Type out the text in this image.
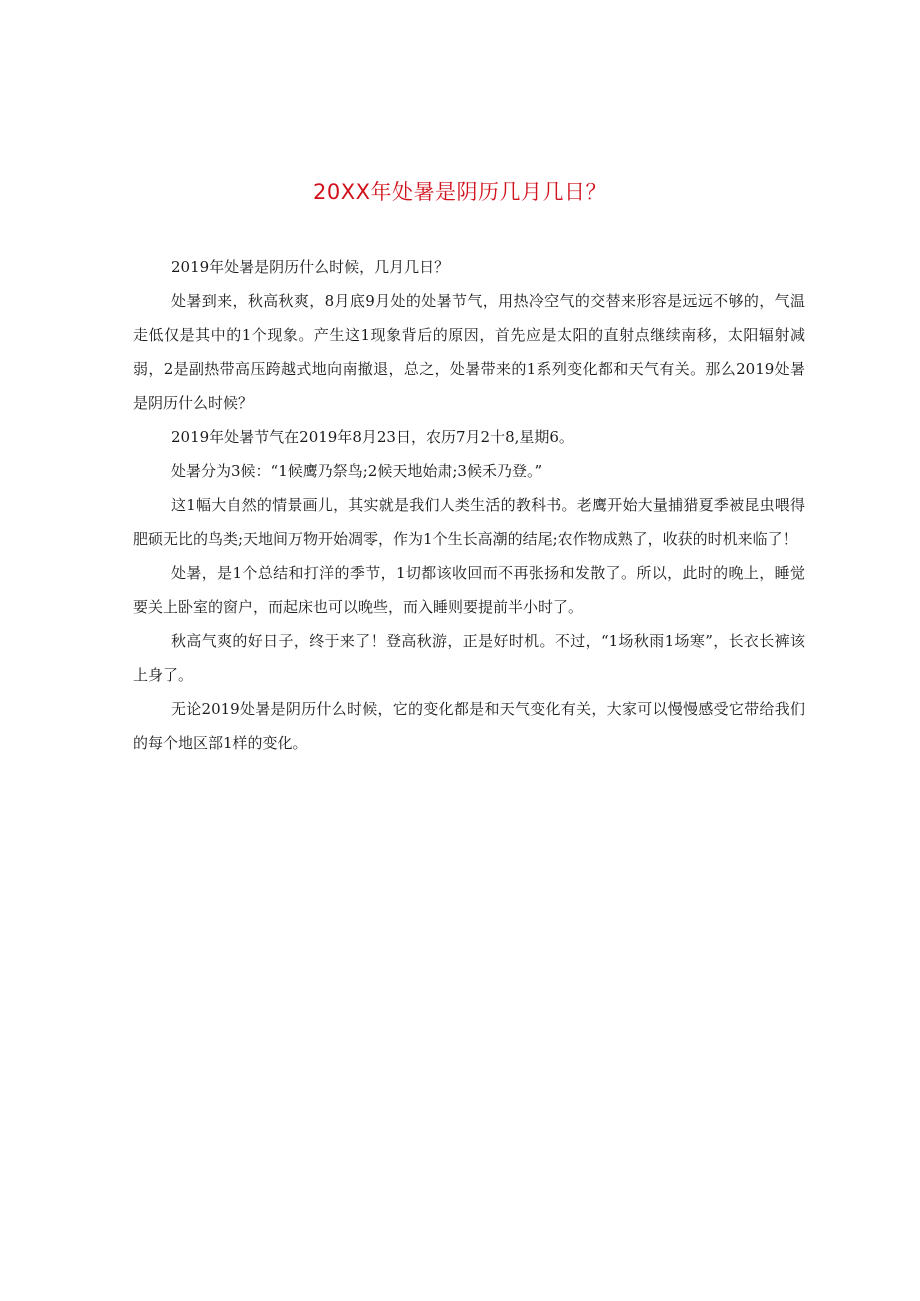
20XX年处暑是阴历几月几日？

2019年处暑是阴历什么时候，几月几日？

处暑到来，秋高秋爽，8月底9月处的处暑节气，用热冷空气的交替来形容是远远不够的，气温走低仅是其中的1个现象。产生这1现象背后的原因，首先应是太阳的直射点继续南移，太阳辐射减弱，2是副热带高压跨越式地向南撤退，总之，处暑带来的1系列变化都和天气有关。那么2019处暑是阴历什么时候？

2019年处暑节气在2019年8月23日，农历7月2十8,星期6。

处暑分为3候：“1候鹰乃祭鸟;2候天地始肃;3候禾乃登。”

这1幅大自然的情景画儿，其实就是我们人类生活的教科书。老鹰开始大量捕猎夏季被昆虫喂得肥硕无比的鸟类;天地间万物开始凋零，作为1个生长高潮的结尾;农作物成熟了，收获的时机来临了！

处暑，是1个总结和打洋的季节，1切都该收回而不再张扬和发散了。所以，此时的晚上，睡觉要关上卧室的窗户，而起床也可以晚些，而入睡则要提前半小时了。

秋高气爽的好日子，终于来了！登高秋游，正是好时机。不过，“1场秋雨1场寒”，长衣长裤该上身了。

无论2019处暑是阴历什么时候，它的变化都是和天气变化有关，大家可以慢慢感受它带给我们的每个地区部1样的变化。
